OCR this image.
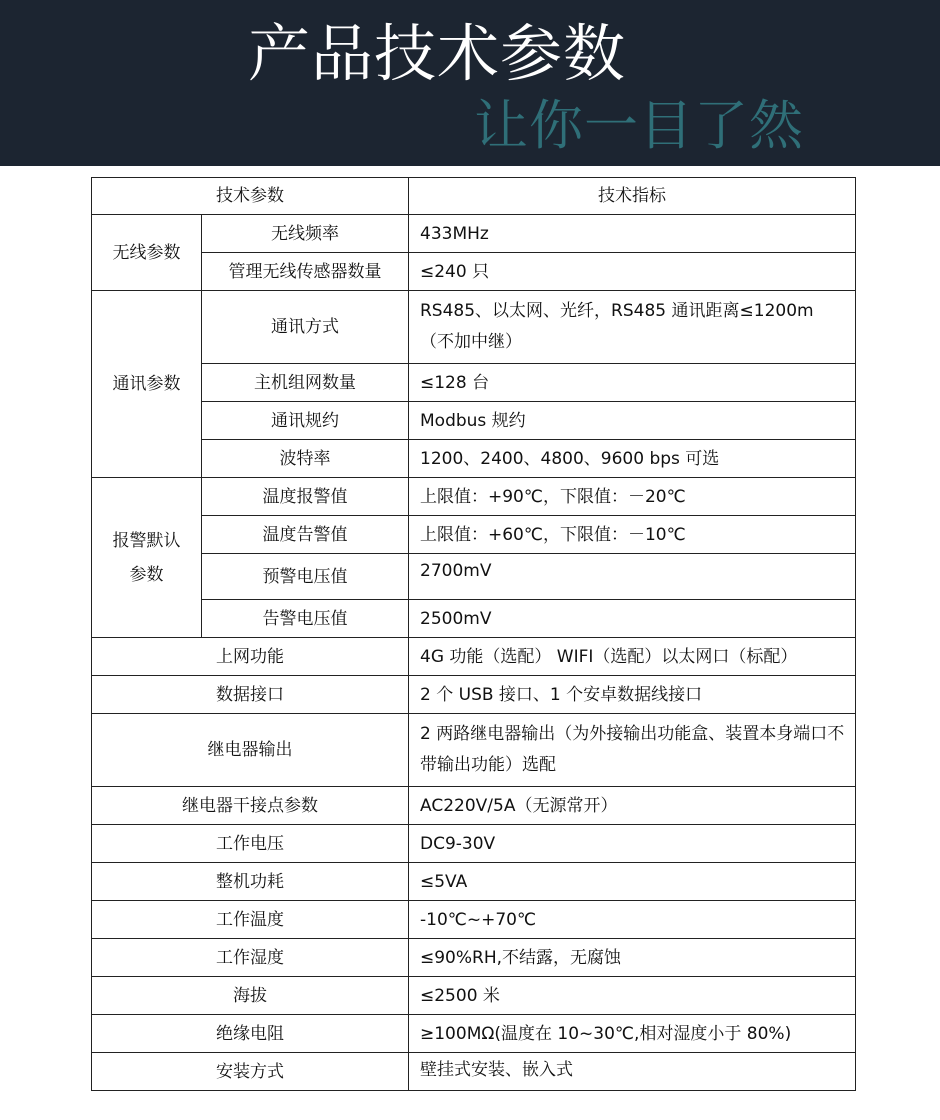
产品技术参数
让你一目了然
技术参数		技术指标
无线参数	无线频率	433MHz
	管理无线传感器数量	≤240 只
通讯参数	通讯方式	RS485、以太网、光纤，RS485 通讯距离≤1200m（不加中继）
	主机组网数量	≤128 台
	通讯规约	Modbus 规约
	波特率	1200、2400、4800、9600 bps 可选

报警默认参数	温度报警值	上限值：+90℃，下限值：－20℃
	温度告警值	上限值：+60℃，下限值：－10℃
	预警电压值	2700mV
	告警电压值	2500mV
上网功能		4G 功能（选配） WIFI（选配）以太网口（标配）
数据接口		2 个 USB 接口、1 个安卓数据线接口
继电器输出		2 两路继电器输出（为外接输出功能盒、装置本身端口不带输出功能）选配
继电器干接点参数		AC220V/5A（无源常开）
工作电压		DC9-30V
整机功耗		≤5VA
工作温度		-10℃~+70℃
工作湿度		≤90%RH,不结露，无腐蚀
海拔		≤2500 米
绝缘电阻		≥100MΩ(温度在 10~30℃,相对湿度小于 80%)
安装方式		壁挂式安装、嵌入式
